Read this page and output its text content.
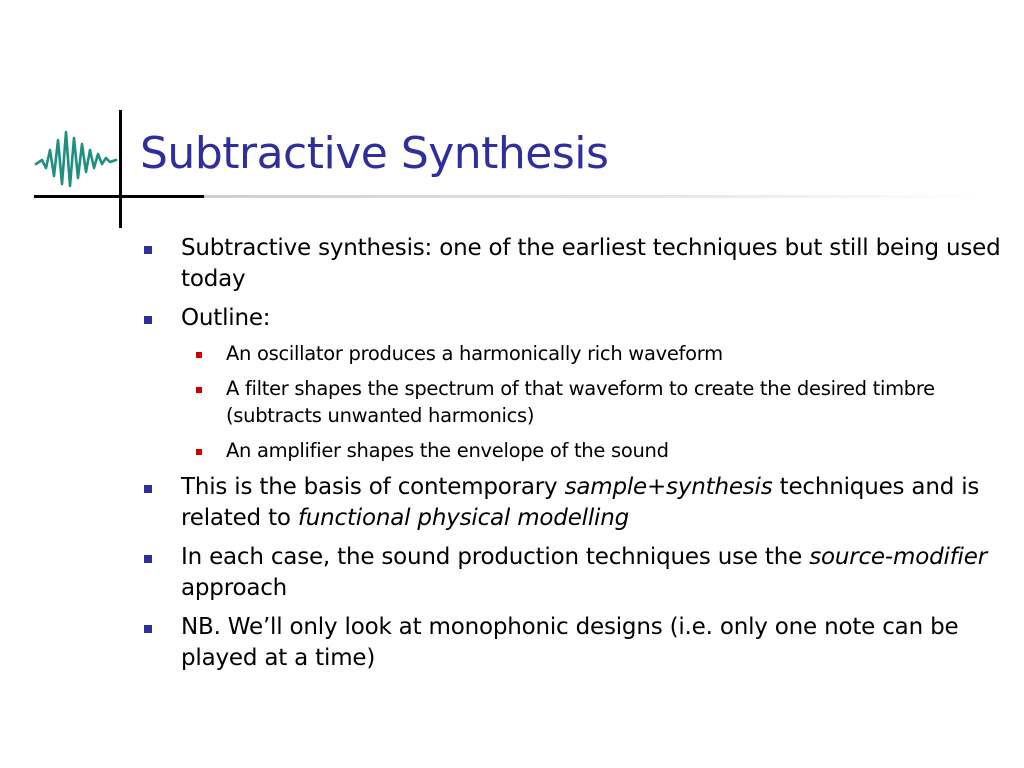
Subtractive Synthesis
Subtractive synthesis: one of the earliest techniques but still being used today
Outline:
An oscillator produces a harmonically rich waveform
A filter shapes the spectrum of that waveform to create the desired timbre (subtracts unwanted harmonics)
An amplifier shapes the envelope of the sound
This is the basis of contemporary sample+synthesis techniques and is related to functional physical modelling
In each case, the sound production techniques use the source-modifier approach
NB. We’ll only look at monophonic designs (i.e. only one note can be played at a time)
